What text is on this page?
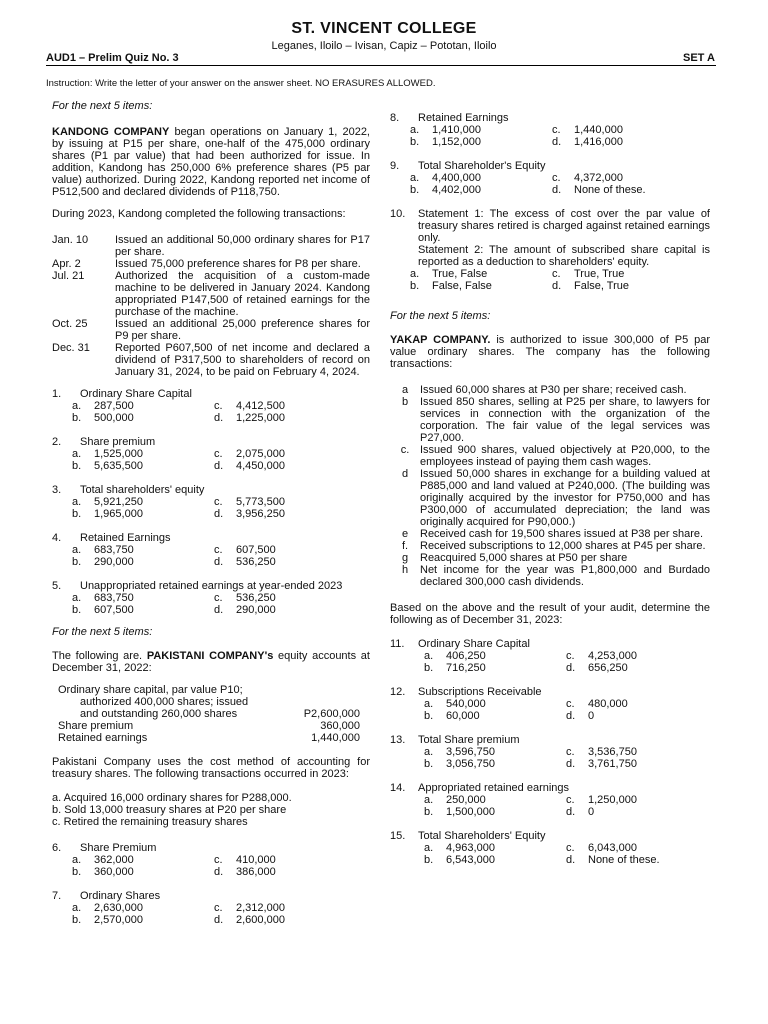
ST. VINCENT COLLEGE
Leganes, Iloilo – Ivisan, Capiz – Pototan, Iloilo
AUD1 – Prelim Quiz No. 3	SET A
Instruction: Write the letter of your answer on the answer sheet. NO ERASURES ALLOWED.
For the next 5 items:
KANDONG COMPANY began operations on January 1, 2022, by issuing at P15 per share, one-half of the 475,000 ordinary shares (P1 par value) that had been authorized for issue. In addition, Kandong has 250,000 6% preference shares (P5 par value) authorized. During 2022, Kandong reported net income of P512,500 and declared dividends of P118,750.
During 2023, Kandong completed the following transactions:
Jan. 10	Issued an additional 50,000 ordinary shares for P17 per share.
Apr. 2	Issued 75,000 preference shares for P8 per share.
Jul. 21	Authorized the acquisition of a custom-made machine to be delivered in January 2024. Kandong appropriated P147,500 of retained earnings for the purchase of the machine.
Oct. 25	Issued an additional 25,000 preference shares for P9 per share.
Dec. 31	Reported P607,500 of net income and declared a dividend of P317,500 to shareholders of record on January 31, 2024, to be paid on February 4, 2024.
1.	Ordinary Share Capital
a.	287,500	c.	4,412,500
b.	500,000	d.	1,225,000
2.	Share premium
a.	1,525,000	c.	2,075,000
b.	5,635,500	d.	4,450,000
3.	Total shareholders' equity
a.	5,921,250	c.	5,773,500
b.	1,965,000	d.	3,956,250
4.	Retained Earnings
a.	683,750	c.	607,500
b.	290,000	d.	536,250
5.	Unappropriated retained earnings at year-ended 2023
a.	683,750	c.	536,250
b.	607,500	d.	290,000
For the next 5 items:
The following are. PAKISTANI COMPANY's equity accounts at December 31, 2022:
Ordinary share capital, par value P10;
authorized 400,000 shares; issued
and outstanding 260,000 shares	P2,600,000
Share premium	360,000
Retained earnings	1,440,000
Pakistani Company uses the cost method of accounting for treasury shares. The following transactions occurred in 2023:
a. Acquired 16,000 ordinary shares for P288,000.
b. Sold 13,000 treasury shares at P20 per share
c. Retired the remaining treasury shares
6.	Share Premium
a.	362,000	c.	410,000
b.	360,000	d.	386,000
7.	Ordinary Shares
a.	2,630,000	c.	2,312,000
b.	2,570,000	d.	2,600,000
8.	Retained Earnings
a.	1,410,000	c.	1,440,000
b.	1,152,000	d.	1,416,000
9.	Total Shareholder's Equity
a.	4,400,000	c.	4,372,000
b.	4,402,000	d.	None of these.
10.	Statement 1: The excess of cost over the par value of treasury shares retired is charged against retained earnings only.
Statement 2: The amount of subscribed share capital is reported as a deduction to shareholders' equity.
a.	True, False	c.	True, True
b.	False, False	d.	False, True
For the next 5 items:
YAKAP COMPANY. is authorized to issue 300,000 of P5 par value ordinary shares. The company has the following transactions:
a	Issued 60,000 shares at P30 per share; received cash.
b	Issued 850 shares, selling at P25 per share, to lawyers for services in connection with the organization of the corporation. The fair value of the legal services was P27,000.
c. Issued 900 shares, valued objectively at P20,000, to the employees instead of paying them cash wages.
d	Issued 50,000 shares in exchange for a building valued at P885,000 and land valued at P240,000. (The building was originally acquired by the investor for P750,000 and has P300,000 of accumulated depreciation; the land was originally acquired for P90,000.)
e	Received cash for 19,500 shares issued at P38 per share.
f.	Received subscriptions to 12,000 shares at P45 per share.
g	Reacquired 5,000 shares at P50 per share
h	Net income for the year was P1,800,000 and Burdado declared 300,000 cash dividends.
Based on the above and the result of your audit, determine the following as of December 31, 2023:
11.	Ordinary Share Capital
a.	406,250	c.	4,253,000
b.	716,250	d.	656,250
12.	Subscriptions Receivable
a.	540,000	c.	480,000
b.	60,000	d.	0
13.	Total Share premium
a.	3,596,750	c.	3,536,750
b.	3,056,750	d.	3,761,750
14.	Appropriated retained earnings
a.	250,000	c.	1,250,000
b.	1,500,000	d.	0
15.	Total Shareholders' Equity
a.	4,963,000	c.	6,043,000
b.	6,543,000	d.	None of these.
